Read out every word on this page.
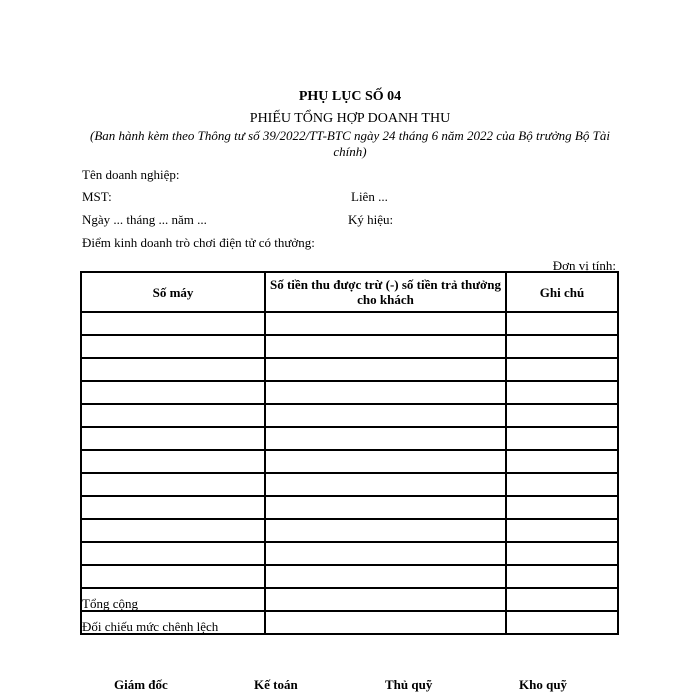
PHỤ LỤC SỐ 04
PHIẾU TỔNG HỢP DOANH THU
(Ban hành kèm theo Thông tư số 39/2022/TT-BTC ngày 24 tháng 6 năm 2022 của Bộ trưởng Bộ Tài chính)
Tên doanh nghiệp:
MST:	Liên ...
Ngày ... tháng ... năm ...	Ký hiệu:
Điểm kinh doanh trò chơi điện tử có thưởng:
Đơn vị tính:
Số máy	Số tiền thu được trừ (-) số tiền trả thưởng cho khách	Ghi chú

Tổng cộng		
Đối chiếu mức chênh lệch		
Giám đốc	Kế toán	Thủ quỹ	Kho quỹ
